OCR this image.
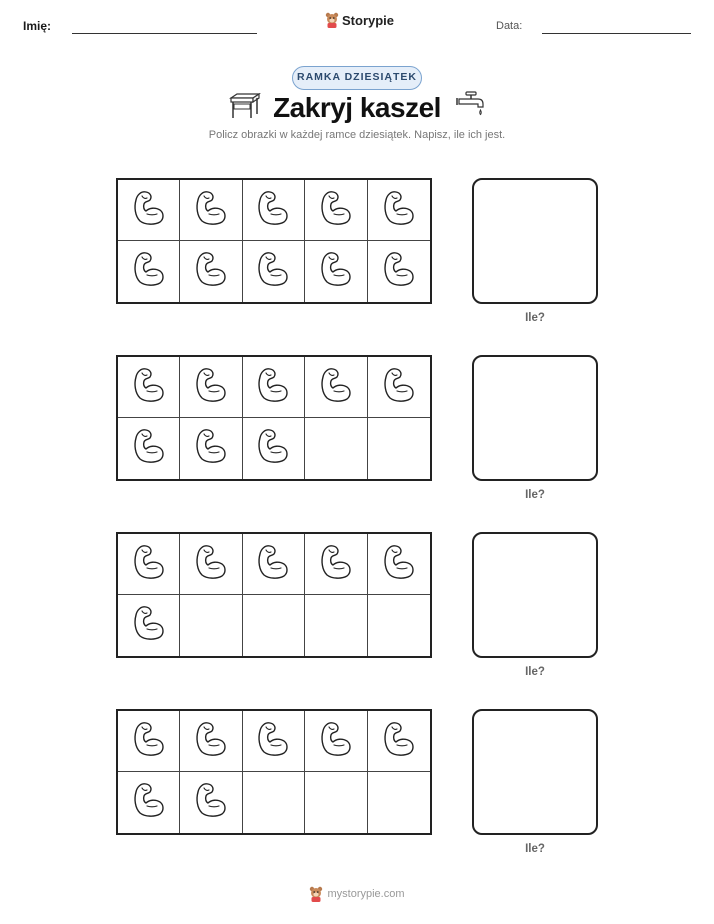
Imię:	Storypie	Data:
RAMKA DZIESIĄTEK
Zakryj kaszel
Policz obrazki w każdej ramce dziesiątek. Napisz, ile ich jest.
Ile?
Ile?
Ile?
Ile?
mystorypie.com
